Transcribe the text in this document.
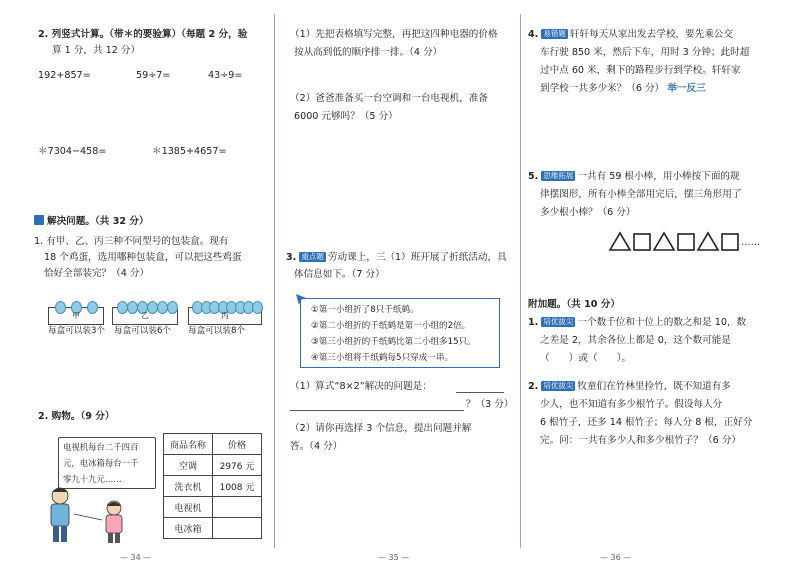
2. 列竖式计算。（带＊的要验算）（每题 2 分，验
算 1 分，共 12 分）
192+857=	59÷7=	43÷9=
＊7304−458=	＊1385+4657=
解决问题。（共 32 分）
1. 有甲、乙、丙三种不同型号的包装盒。现有
18 个鸡蛋，选用哪种包装盒，可以把这些鸡蛋
恰好全部装完？（4 分）
甲	乙	丙
每盒可以装3个 每盒可以装6个 每盒可以装8个
2. 购物。（9 分）
电视机每台二千四百
元，电冰箱每台一千
零九十九元……
商品名称	价格
空调	2976 元
洗衣机	1008 元
电视机	
电冰箱	
— 34 —
（1）先把表格填写完整，再把这四种电器的价格
按从高到低的顺序排一排。（4 分）
（2）爸爸准备买一台空调和一台电视机，准备
6000 元够吗？（5 分）
3. 重点题 劳动课上，三（1）班开展了折纸活动，具
体信息如下。（7 分）
①第一小组折了8只千纸鹤。
②第二小组折的千纸鹤是第一小组的2倍。
③第三小组折的千纸鹤比第二小组多15只。
④第三小组将千纸鹤每5只穿成一串。
（1）算式“8×2”解决的问题是：
？（3 分）
（2）请你再选择 3 个信息，提出问题并解
答。（4 分）
— 35 —
4. 易错题 轩轩每天从家出发去学校，要先乘公交
车行驶 850 米，然后下车，用时 3 分钟；此时超
过中点 60 米，剩下的路程步行到学校。轩轩家
到学校一共多少米？（6 分） 举一反三
5. 思维拓展 一共有 59 根小棒，用小棒按下面的规
律摆图形，所有小棒全部用完后，摆三角形用了
多少根小棒？（6 分）
……
附加题。（共 10 分）
1. 培优拔尖 一个数千位和十位上的数之和是 10，数
之差是 2，其余各位上都是 0，这个数可能是
（　　）或（　　）。
2. 培优拔尖 牧童们在竹林里捡竹，既不知道有多
少人，也不知道有多少根竹子。假设每人分
6 根竹子，还多 14 根竹子；每人分 8 根，正好分
完。问：一共有多少人和多少根竹子？（6 分）
— 36 —
